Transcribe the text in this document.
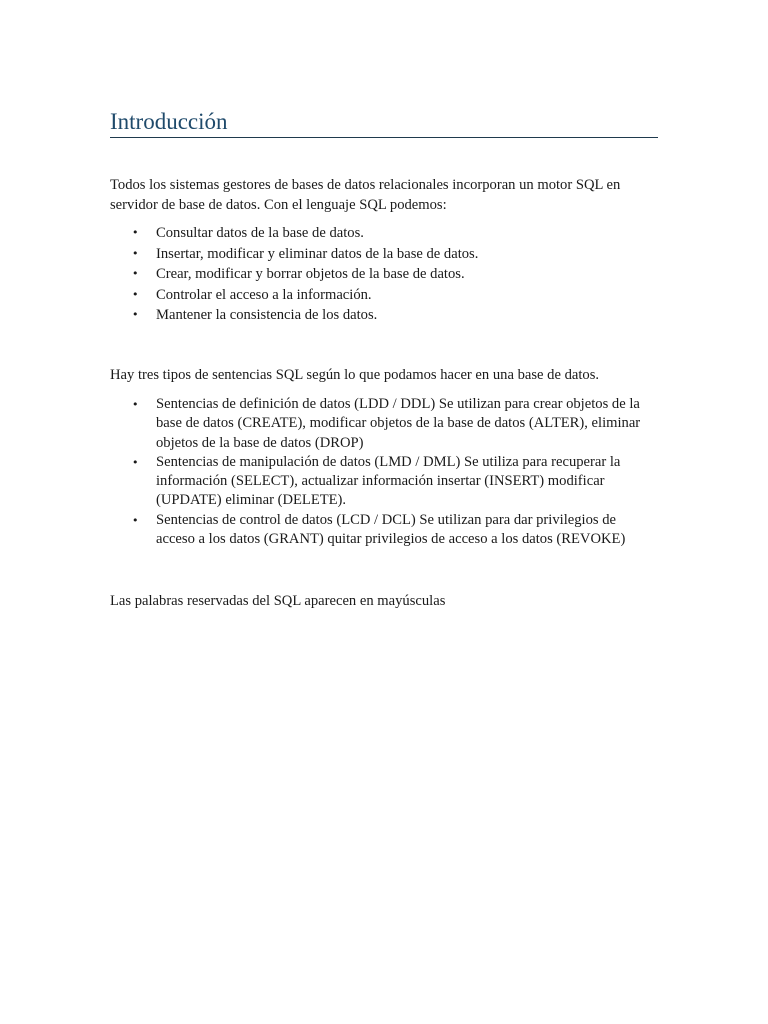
Introducción

Todos los sistemas gestores de bases de datos relacionales incorporan un motor SQL en servidor de base de datos. Con el lenguaje SQL podemos:

• Consultar datos de la base de datos.
• Insertar, modificar y eliminar datos de la base de datos.
• Crear, modificar y borrar objetos de la base de datos.
• Controlar el acceso a la información.
• Mantener la consistencia de los datos.

Hay tres tipos de sentencias SQL según lo que podamos hacer en una base de datos.

• Sentencias de definición de datos (LDD / DDL) Se utilizan para crear objetos de la base de datos (CREATE), modificar objetos de la base de datos (ALTER), eliminar objetos de la base de datos (DROP)
• Sentencias de manipulación de datos (LMD / DML) Se utiliza para recuperar la información (SELECT), actualizar información insertar (INSERT) modificar (UPDATE) eliminar (DELETE).
• Sentencias de control de datos (LCD / DCL) Se utilizan para dar privilegios de acceso a los datos (GRANT) quitar privilegios de acceso a los datos (REVOKE)

Las palabras reservadas del SQL aparecen en mayúsculas
